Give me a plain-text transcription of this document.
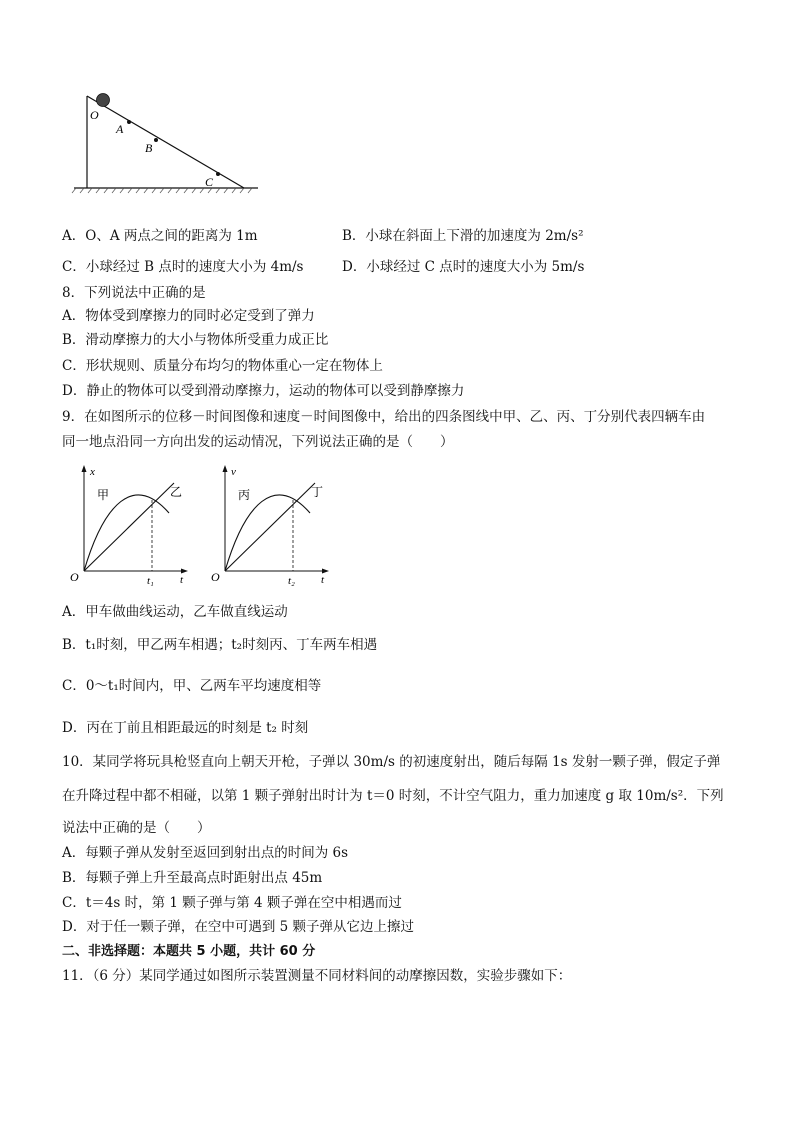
O
A
B
C
A．O、A 两点之间的距离为 1m	B．小球在斜面上下滑的加速度为 2m/s²
C．小球经过 B 点时的速度大小为 4m/s	D．小球经过 C 点时的速度大小为 5m/s
8．下列说法中正确的是
A．物体受到摩擦力的同时必定受到了弹力
B．滑动摩擦力的大小与物体所受重力成正比
C．形状规则、质量分布均匀的物体重心一定在物体上
D．静止的物体可以受到滑动摩擦力，运动的物体可以受到静摩擦力
9．在如图所示的位移－时间图像和速度－时间图像中，给出的四条图线中甲、乙、丙、丁分别代表四辆车由
同一地点沿同一方向出发的运动情况，下列说法正确的是（　　）
x
t
O
甲	乙
t₁
v
t
O
丙	丁
t₂
A．甲车做曲线运动，乙车做直线运动
B．t₁时刻，甲乙两车相遇；t₂时刻丙、丁车两车相遇
C．0～t₁时间内，甲、乙两车平均速度相等
D．丙在丁前且相距最远的时刻是 t₂ 时刻
10．某同学将玩具枪竖直向上朝天开枪，子弹以 30m/s 的初速度射出，随后每隔 1s 发射一颗子弹，假定子弹
在升降过程中都不相碰，以第 1 颗子弹射出时计为 t＝0 时刻，不计空气阻力，重力加速度 g 取 10m/s²．下列
说法中正确的是（　　）
A．每颗子弹从发射至返回到射出点的时间为 6s
B．每颗子弹上升至最高点时距射出点 45m
C．t＝4s 时，第 1 颗子弹与第 4 颗子弹在空中相遇而过
D．对于任一颗子弹，在空中可遇到 5 颗子弹从它边上擦过
二、非选择题：本题共 5 小题，共计 60 分
11．（6 分）某同学通过如图所示装置测量不同材料间的动摩擦因数，实验步骤如下：
